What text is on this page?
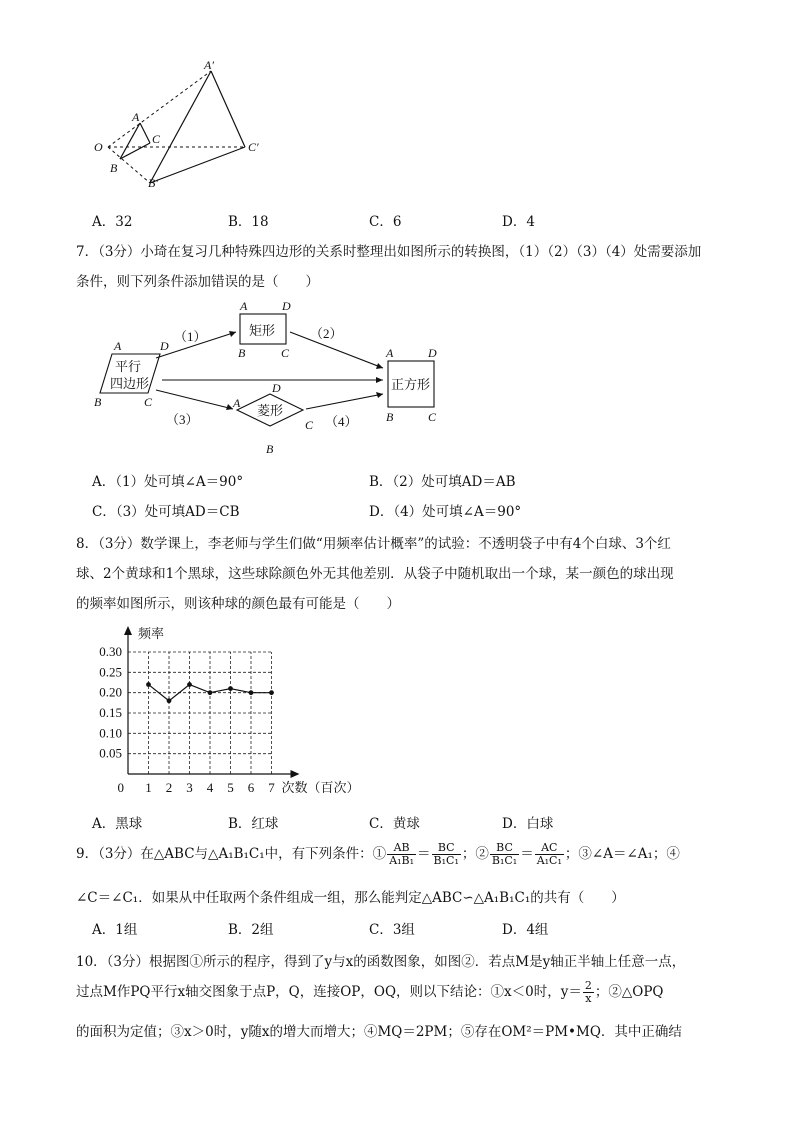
A′
A
O
C
C′
B
B′
A．32	B．18	C．6	D．4
7．（3分）小琦在复习几种特殊四边形的关系时整理出如图所示的转换图，（1）（2）（3）（4）处需要添加
条件，则下列条件添加错误的是（　　）
平行
四边形
矩形
菱形
正方形
（1）	（2）
（3）	（4）
A	D
B	C
A	D
B	C
A
D
C
B
A	D
B	C
A．（1）处可填∠A＝90°	B．（2）处可填AD＝AB
C．（3）处可填AD＝CB	D．（4）处可填∠A＝90°
8．（3分）数学课上，李老师与学生们做“用频率估计概率”的试验：不透明袋子中有4个白球、3个红
球、2个黄球和1个黑球，这些球除颜色外无其他差别．从袋子中随机取出一个球，某一颜色的球出现
的频率如图所示，则该种球的颜色最有可能是（　　）
0.05
0.10
0.15
0.20
0.25
0.30
1 2 3 4 5 6 7
0
频率
次数（百次）
A．黑球	B．红球	C．黄球	D．白球
9．（3分）在△ABC与△A₁B₁C₁中，有下列条件：① $\frac{AB}{\text{A₁B₁}} = \frac{BC}{\text{B₁C₁}}$ ；② $\frac{BC}{\text{B₁C₁}} = \frac{AC}{\text{A₁C₁}}$ ；③∠A＝∠A₁；④
∠C＝∠C₁．如果从中任取两个条件组成一组，那么能判定△ABC∽△A₁B₁C₁的共有（　　）
A．1组	B．2组	C．3组	D．4组
10．（3分）根据图①所示的程序，得到了y与x的函数图象，如图②．若点M是y轴正半轴上任意一点，
过点M作PQ平行x轴交图象于点P，Q，连接OP，OQ，则以下结论：①x＜0时，$y= \frac{2}{x}$ ；②△OPQ
的面积为定值；③x＞0时，y随x的增大而增大；④MQ＝2PM；⑤存在OM²＝PM•MQ．其中正确结
